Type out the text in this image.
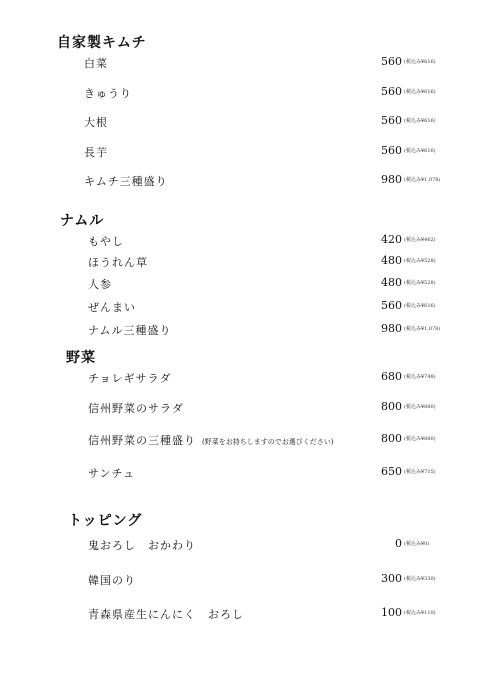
自家製キムチ
白菜	560 (税込み¥616)
きゅうり	560 (税込み¥616)
大根	560 (税込み¥616)
長芋	560 (税込み¥616)
キムチ三種盛り	980 (税込み¥1,078)
ナムル
もやし	420 (税込み¥462)
ほうれん草	480 (税込み¥528)
人参	480 (税込み¥528)
ぜんまい	560 (税込み¥616)
ナムル三種盛り	980 (税込み¥1,078)
野菜
チョレギサラダ	680 (税込み¥748)
信州野菜のサラダ	800 (税込み¥880)
信州野菜の三種盛り (野菜をお持ちしますのでお選びください)	800 (税込み¥880)
サンチュ	650 (税込み¥715)
トッピング
鬼おろし　おかわり	0 (税込み¥0)
韓国のり	300 (税込み¥330)
青森県産生にんにく　おろし	100 (税込み¥110)
